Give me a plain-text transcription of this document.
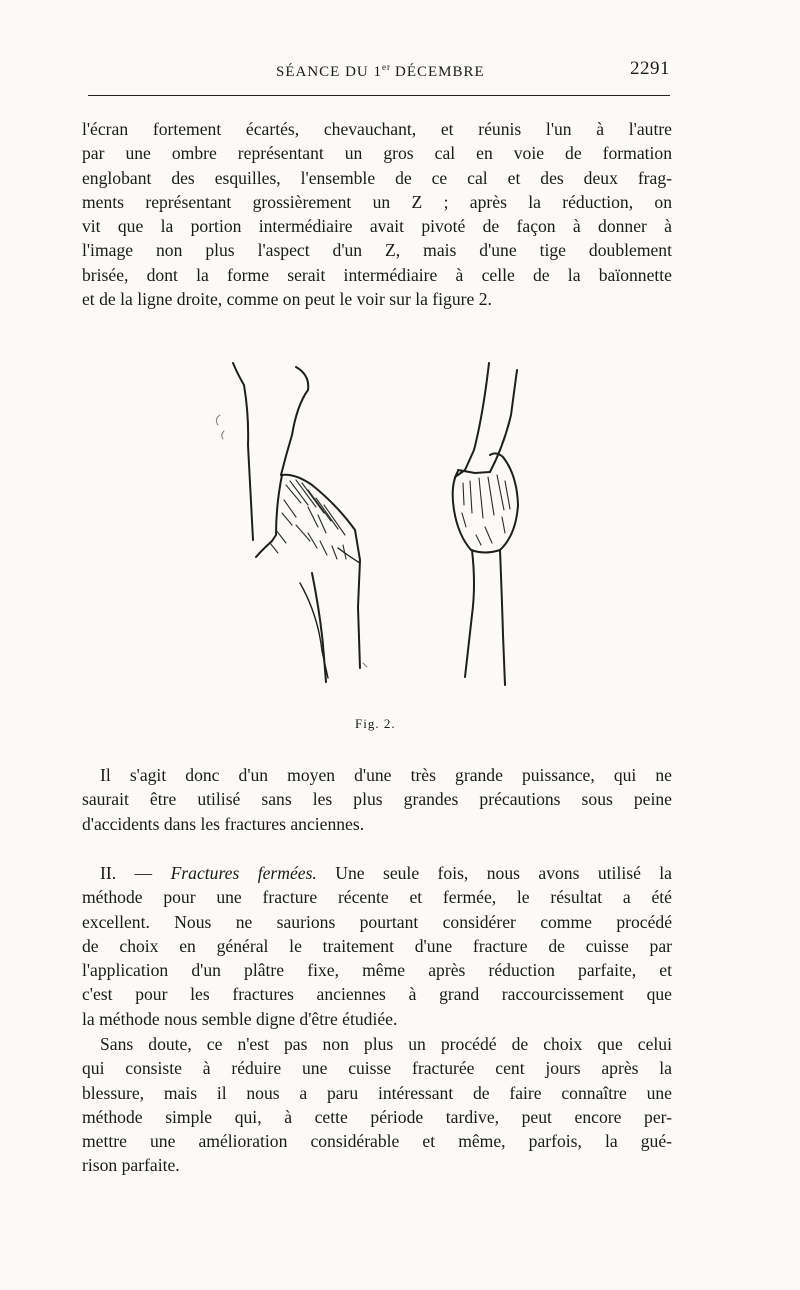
SÉANCE DU 1er DÉCEMBRE	2291
l'écran fortement écartés, chevauchant, et réunis l'un à l'autre
par une ombre représentant un gros cal en voie de formation
englobant des esquilles, l'ensemble de ce cal et des deux frag-
ments représentant grossièrement un Z ; après la réduction, on
vit que la portion intermédiaire avait pivoté de façon à donner à
l'image non plus l'aspect d'un Z, mais d'une tige doublement
brisée, dont la forme serait intermédiaire à celle de la baïonnette
et de la ligne droite, comme on peut le voir sur la figure 2.
Fig. 2.
Il s'agit donc d'un moyen d'une très grande puissance, qui ne
saurait être utilisé sans les plus grandes précautions sous peine
d'accidents dans les fractures anciennes.
II. — Fractures fermées. Une seule fois, nous avons utilisé la
méthode pour une fracture récente et fermée, le résultat a été
excellent. Nous ne saurions pourtant considérer comme procédé
de choix en général le traitement d'une fracture de cuisse par
l'application d'un plâtre fixe, même après réduction parfaite, et
c'est pour les fractures anciennes à grand raccourcissement que
la méthode nous semble digne d'être étudiée.
Sans doute, ce n'est pas non plus un procédé de choix que celui
qui consiste à réduire une cuisse fracturée cent jours après la
blessure, mais il nous a paru intéressant de faire connaître une
méthode simple qui, à cette période tardive, peut encore per-
mettre une amélioration considérable et même, parfois, la gué-
rison parfaite.
